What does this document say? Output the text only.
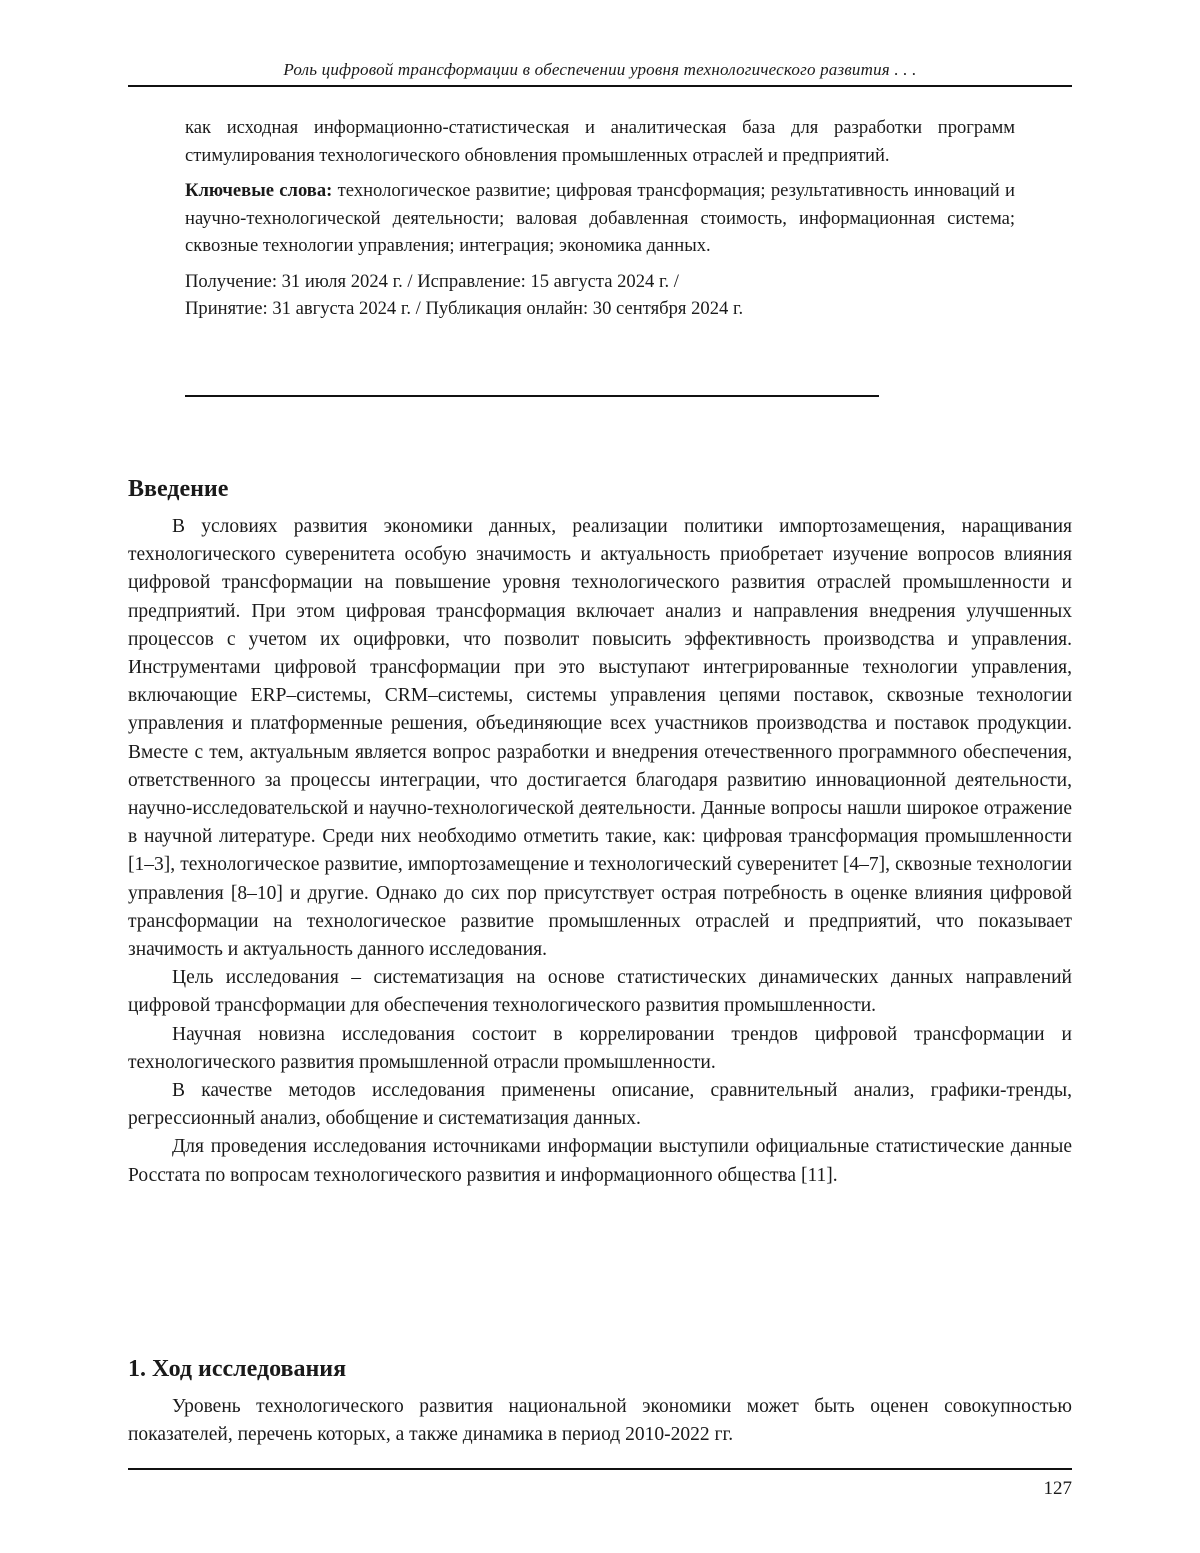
Роль цифровой трансформации в обеспечении уровня технологического развития . . .

как исходная информационно-статистическая и аналитическая база для разработки программ стимулирования технологического обновления промышленных отраслей и предприятий.

Ключевые слова: технологическое развитие; цифровая трансформация; результативность инноваций и научно-технологической деятельности; валовая добавленная стоимость, информационная система; сквозные технологии управления; интеграция; экономика данных.

Получение: 31 июля 2024 г. / Исправление: 15 августа 2024 г. /
Принятие: 31 августа 2024 г. / Публикация онлайн: 30 сентября 2024 г.

Введение

В условиях развития экономики данных, реализации политики импортозамещения, наращивания технологического суверенитета особую значимость и актуальность приобретает изучение вопросов влияния цифровой трансформации на повышение уровня технологического развития отраслей промышленности и предприятий. При этом цифровая трансформация включает анализ и направления внедрения улучшенных процессов с учетом их оцифровки, что позволит повысить эффективность производства и управления. Инструментами цифровой трансформации при это выступают интегрированные технологии управления, включающие ERP–системы, CRM–системы, системы управления цепями поставок, сквозные технологии управления и платформенные решения, объединяющие всех участников производства и поставок продукции. Вместе с тем, актуальным является вопрос разработки и внедрения отечественного программного обеспечения, ответственного за процессы интеграции, что достигается благодаря развитию инновационной деятельности, научно-исследовательской и научно-технологической деятельности. Данные вопросы нашли широкое отражение в научной литературе. Среди них необходимо отметить такие, как: цифровая трансформация промышленности [1–3], технологическое развитие, импортозамещение и технологический суверенитет [4–7], сквозные технологии управления [8–10] и другие. Однако до сих пор присутствует острая потребность в оценке влияния цифровой трансформации на технологическое развитие промышленных отраслей и предприятий, что показывает значимость и актуальность данного исследования.

Цель исследования – систематизация на основе статистических динамических данных направлений цифровой трансформации для обеспечения технологического развития промышленности.

Научная новизна исследования состоит в коррелировании трендов цифровой трансформации и технологического развития промышленной отрасли промышленности.

В качестве методов исследования применены описание, сравнительный анализ, графики-тренды, регрессионный анализ, обобщение и систематизация данных.

Для проведения исследования источниками информации выступили официальные статистические данные Росстата по вопросам технологического развития и информационного общества [11].

1. Ход исследования

Уровень технологического развития национальной экономики может быть оценен совокупностью показателей, перечень которых, а также динамика в период 2010-2022 гг.

127
